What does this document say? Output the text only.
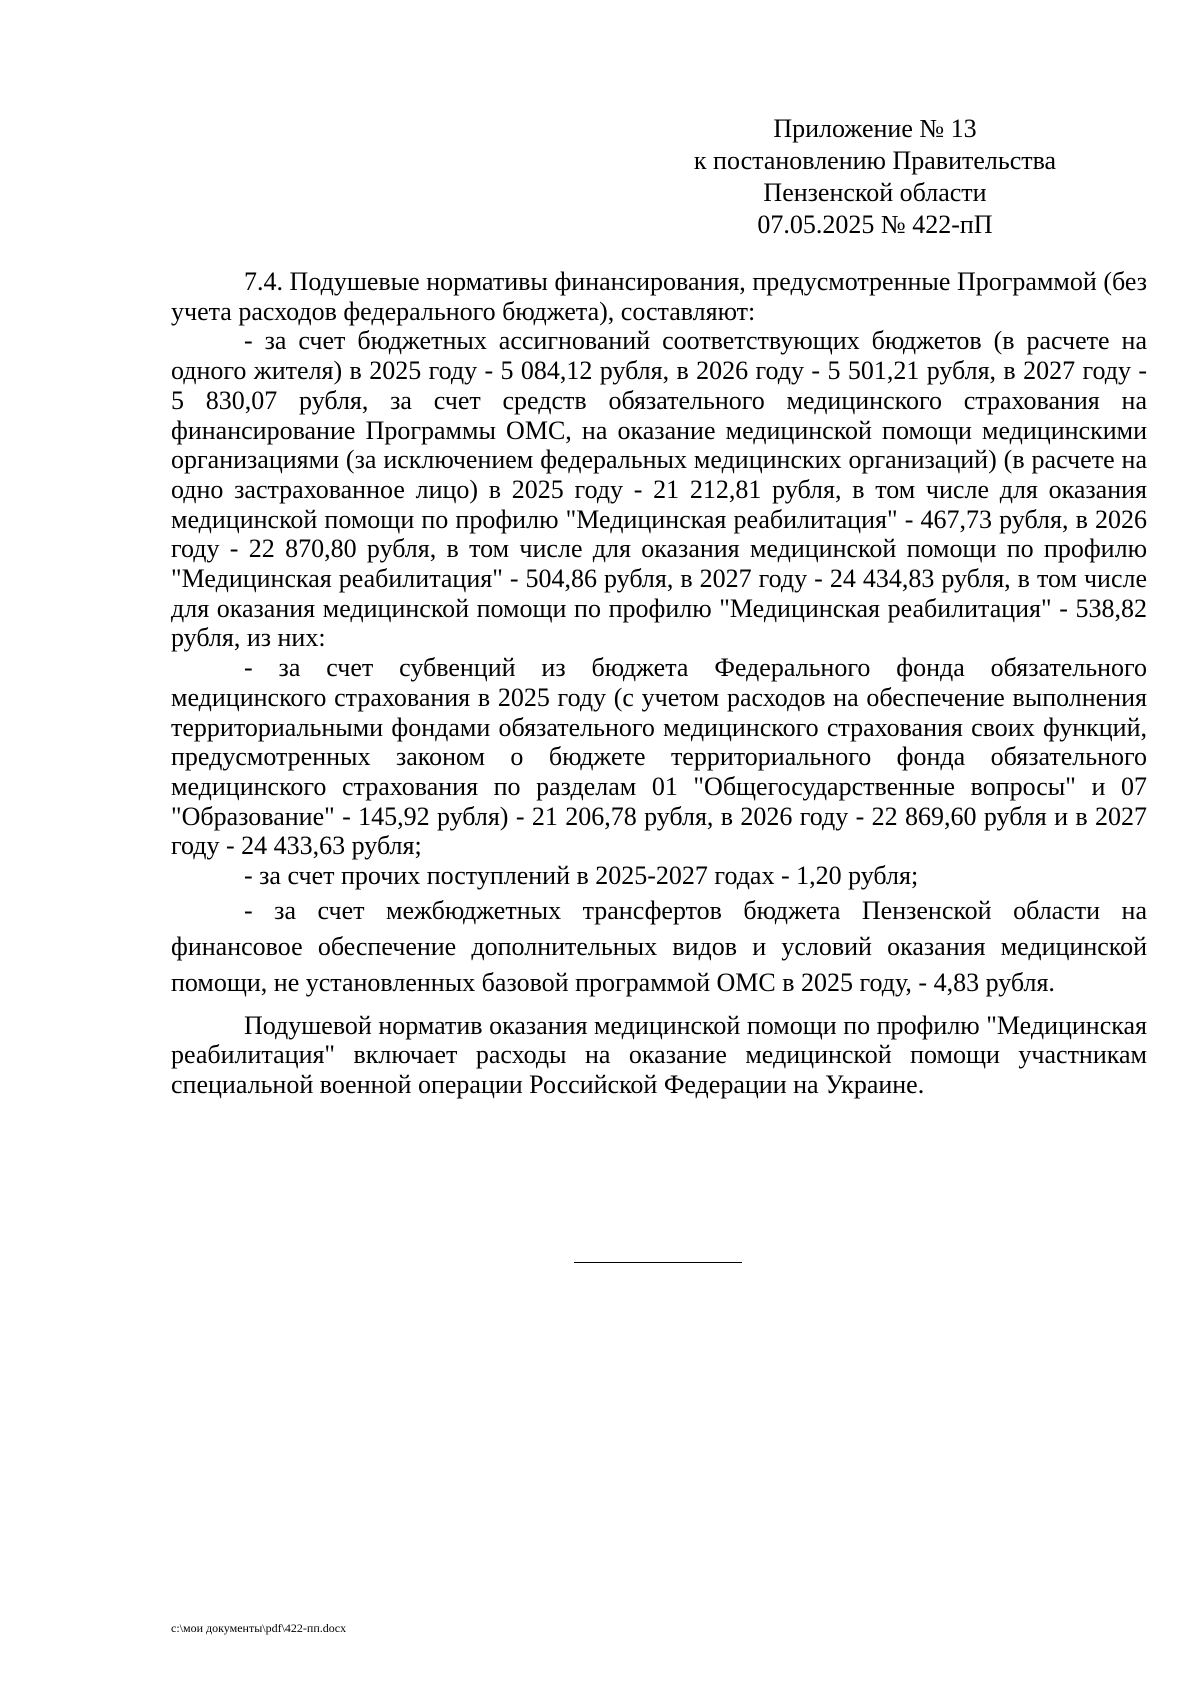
Приложение № 13
к постановлению Правительства
Пензенской области
07.05.2025 № 422-пП

7.4. Подушевые нормативы финансирования, предусмотренные Программой (без учета расходов федерального бюджета), составляют:

- за счет бюджетных ассигнований соответствующих бюджетов (в расчете на одного жителя) в 2025 году - 5 084,12 рубля, в 2026 году - 5 501,21 рубля, в 2027 году - 5 830,07 рубля, за счет средств обязательного медицинского страхования на финансирование Программы ОМС, на оказание медицинской помощи медицинскими организациями (за исключением федеральных медицинских организаций) (в расчете на одно застрахованное лицо) в 2025 году - 21 212,81 рубля, в том числе для оказания медицинской помощи по профилю "Медицинская реабилитация" - 467,73 рубля, в 2026 году - 22 870,80 рубля, в том числе для оказания медицинской помощи по профилю "Медицинская реабилитация" - 504,86 рубля, в 2027 году - 24 434,83 рубля, в том числе для оказания медицинской помощи по профилю "Медицинская реабилитация" - 538,82 рубля, из них:

- за счет субвенций из бюджета Федерального фонда обязательного медицинского страхования в 2025 году (с учетом расходов на обеспечение выполнения территориальными фондами обязательного медицинского страхования своих функций, предусмотренных законом о бюджете территориального фонда обязательного медицинского страхования по разделам 01 "Общегосударственные вопросы" и 07 "Образование" - 145,92 рубля) - 21 206,78 рубля, в 2026 году - 22 869,60 рубля и в 2027 году - 24 433,63 рубля;

- за счет прочих поступлений в 2025-2027 годах - 1,20 рубля;

- за счет межбюджетных трансфертов бюджета Пензенской области на финансовое обеспечение дополнительных видов и условий оказания медицинской помощи, не установленных базовой программой ОМС в 2025 году, - 4,83 рубля.

Подушевой норматив оказания медицинской помощи по профилю "Медицинская реабилитация" включает расходы на оказание медицинской помощи участникам специальной военной операции Российской Федерации на Украине.

c:\мои документы\pdf\422-пп.docx
